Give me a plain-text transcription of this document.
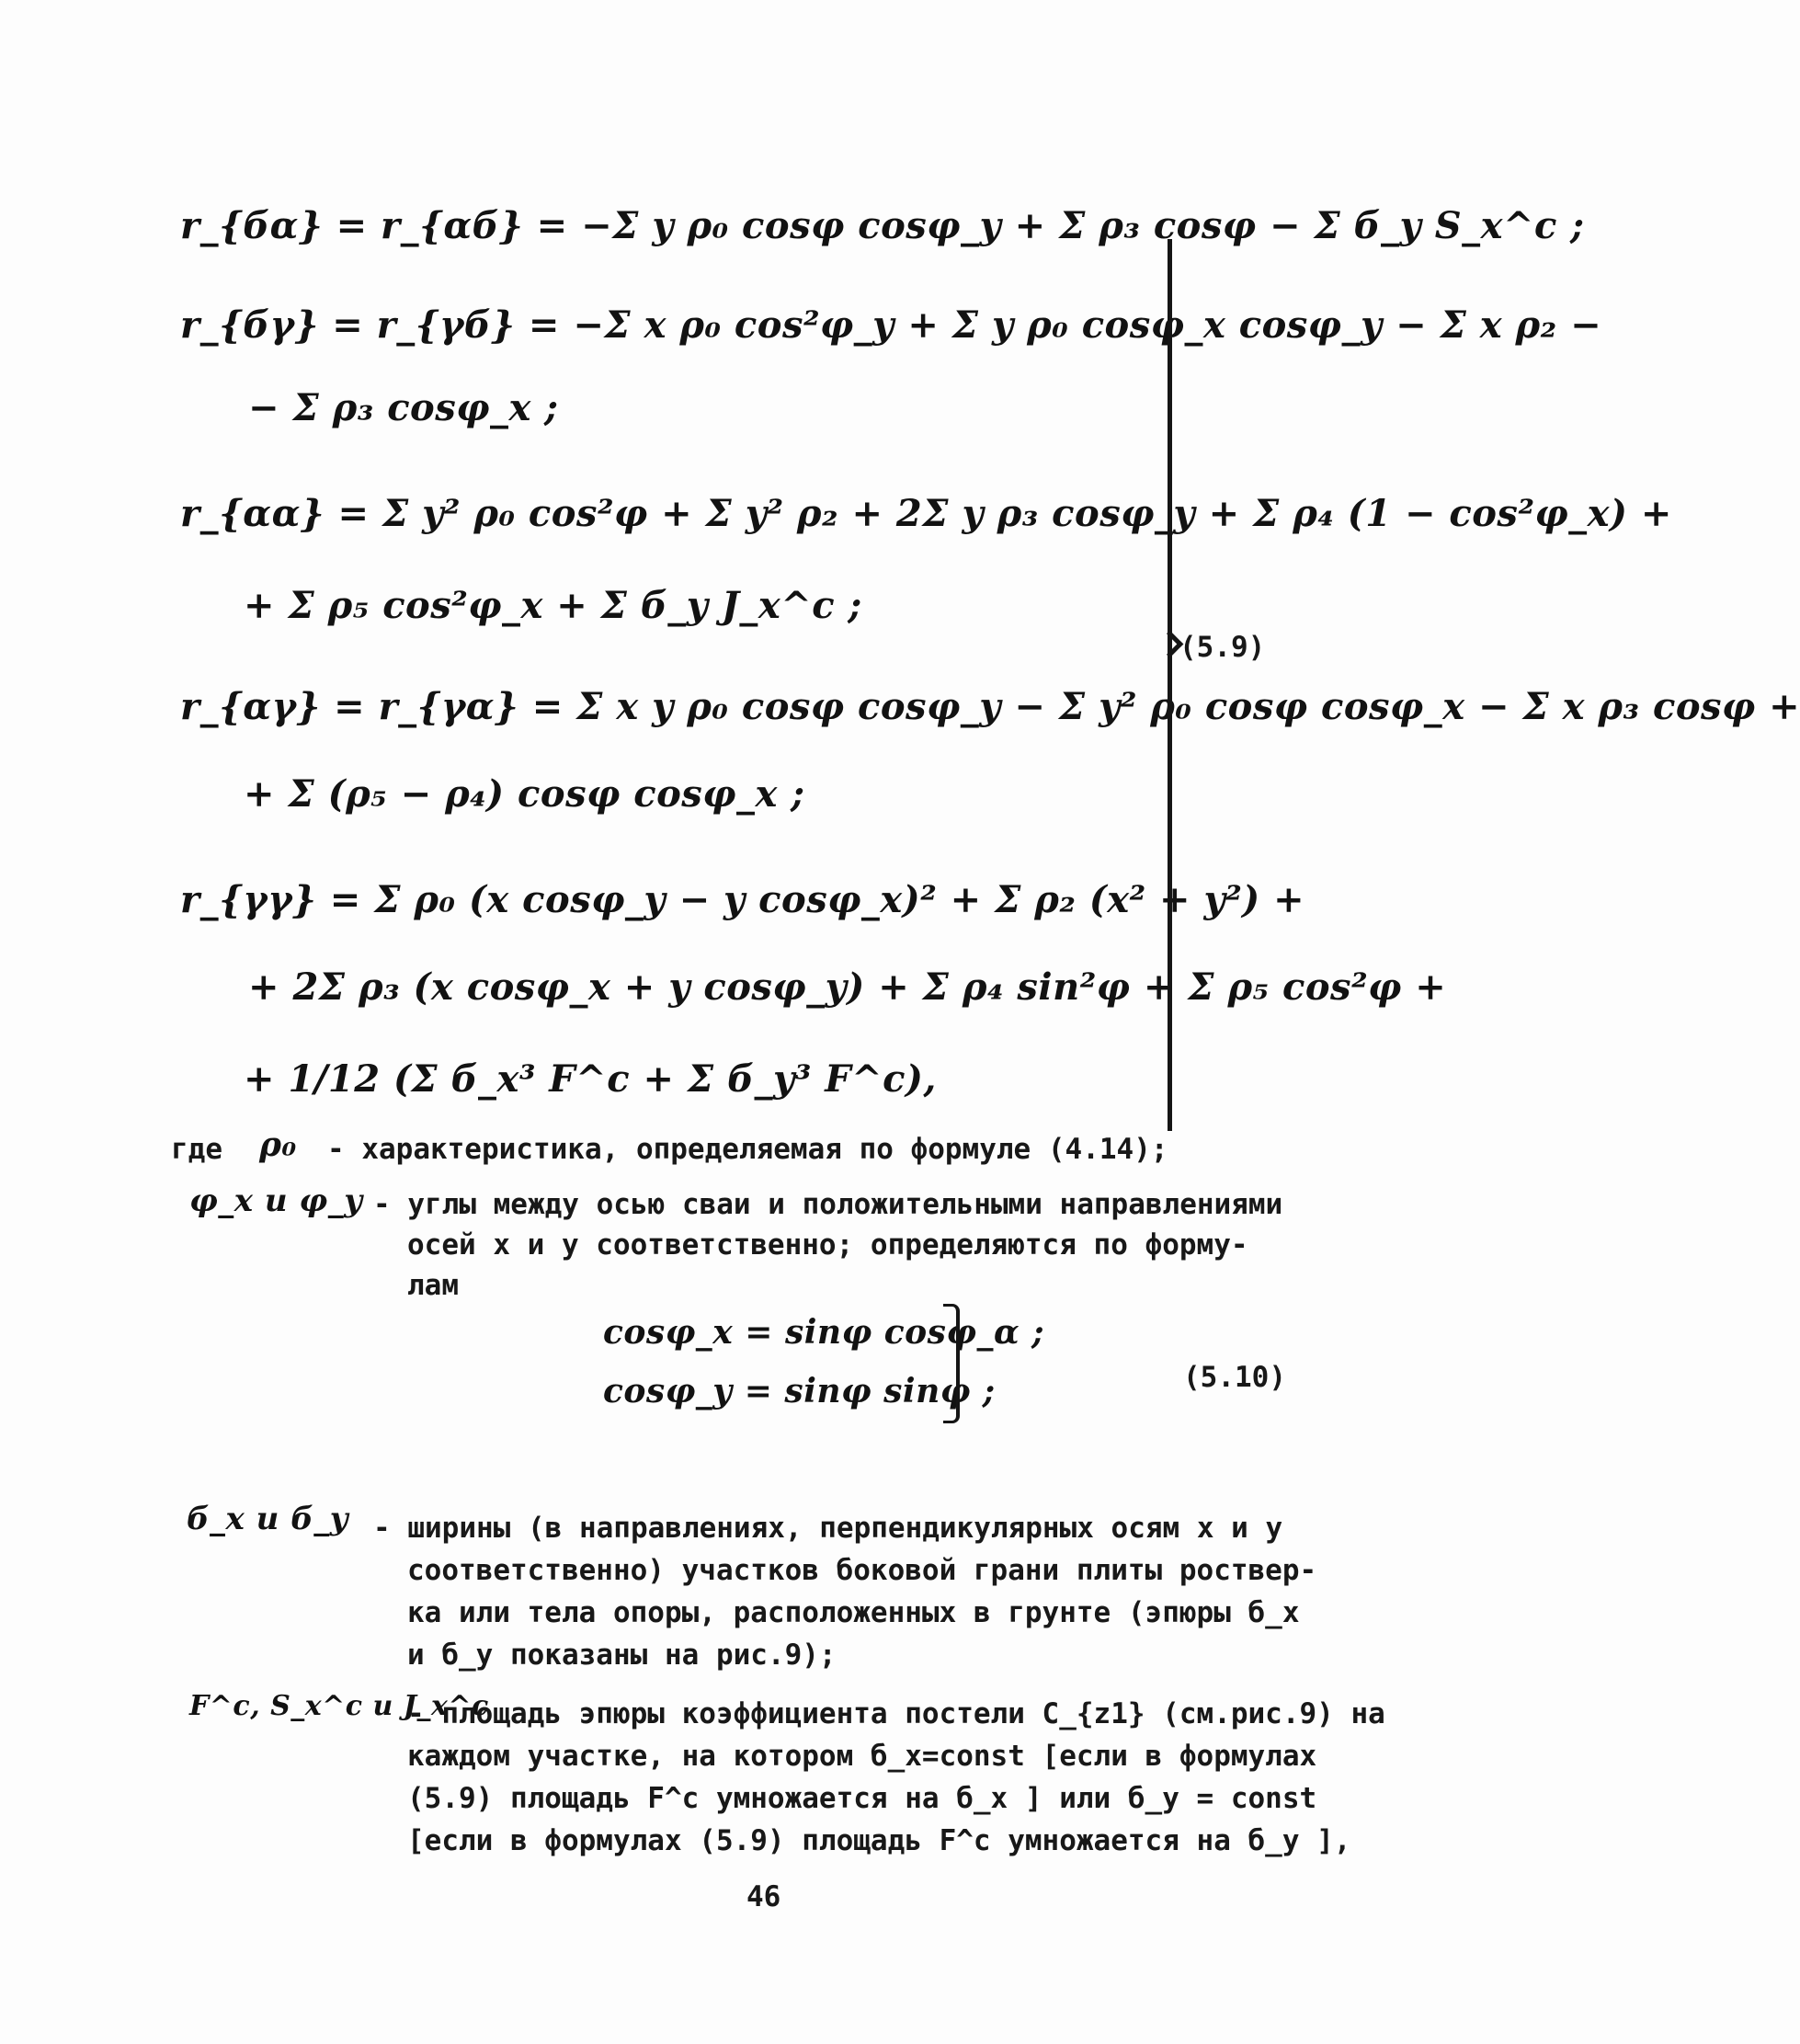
r_{бα} = r_{αб} = −Σ y ρ₀ cosφ cosφ_y + Σ ρ₃ cosφ − Σ б_y S_x^c ;
r_{бγ} = r_{γб} = −Σ x ρ₀ cos²φ_y + Σ y ρ₀ cosφ_x cosφ_y − Σ x ρ₂ −
− Σ ρ₃ cosφ_x ;
r_{αα} = Σ y² ρ₀ cos²φ + Σ y² ρ₂ + 2Σ y ρ₃ cosφ_y + Σ ρ₄ (1 − cos²φ_x) +
+ Σ ρ₅ cos²φ_x + Σ б_y J_x^c ;
r_{αγ} = r_{γα} = Σ x y ρ₀ cosφ cosφ_y − Σ y² ρ₀ cosφ cosφ_x − Σ x ρ₃ cosφ +
+ Σ (ρ₅ − ρ₄) cosφ cosφ_x ;
r_{γγ} = Σ ρ₀ (x cosφ_y − y cosφ_x)² + Σ ρ₂ (x² + y²) +
+ 2Σ ρ₃ (x cosφ_x + y cosφ_y) + Σ ρ₄ sin²φ + Σ ρ₅ cos²φ +
+ 1/12 (Σ б_x³ F^c + Σ б_y³ F^c),
(5.9)
где ρ₀ - характеристика, определяемая по формуле (4.14);
φ_x и φ_y - углы между осью сваи и положительными направлениями
осей x и y соответственно; определяются по форму-
лам
cosφ_x = sinφ cosφ_α ;
cosφ_y = sinφ sinφ ;	(5.10)
б_x и б_y - ширины (в направлениях, перпендикулярных осям x и y
соответственно) участков боковой грани плиты роствер-
ка или тела опоры, расположенных в грунте (эпюры б_x
и б_y показаны на рис.9);
F^c, S_x^c и J_x^c
- площадь эпюры коэффициента постели C_{z1} (см.рис.9) на
каждом участке, на котором б_x=const [если в формулах
(5.9) площадь F^c умножается на б_x ] или б_y = const
[если в формулах (5.9) площадь F^c умножается на б_y ],
46
